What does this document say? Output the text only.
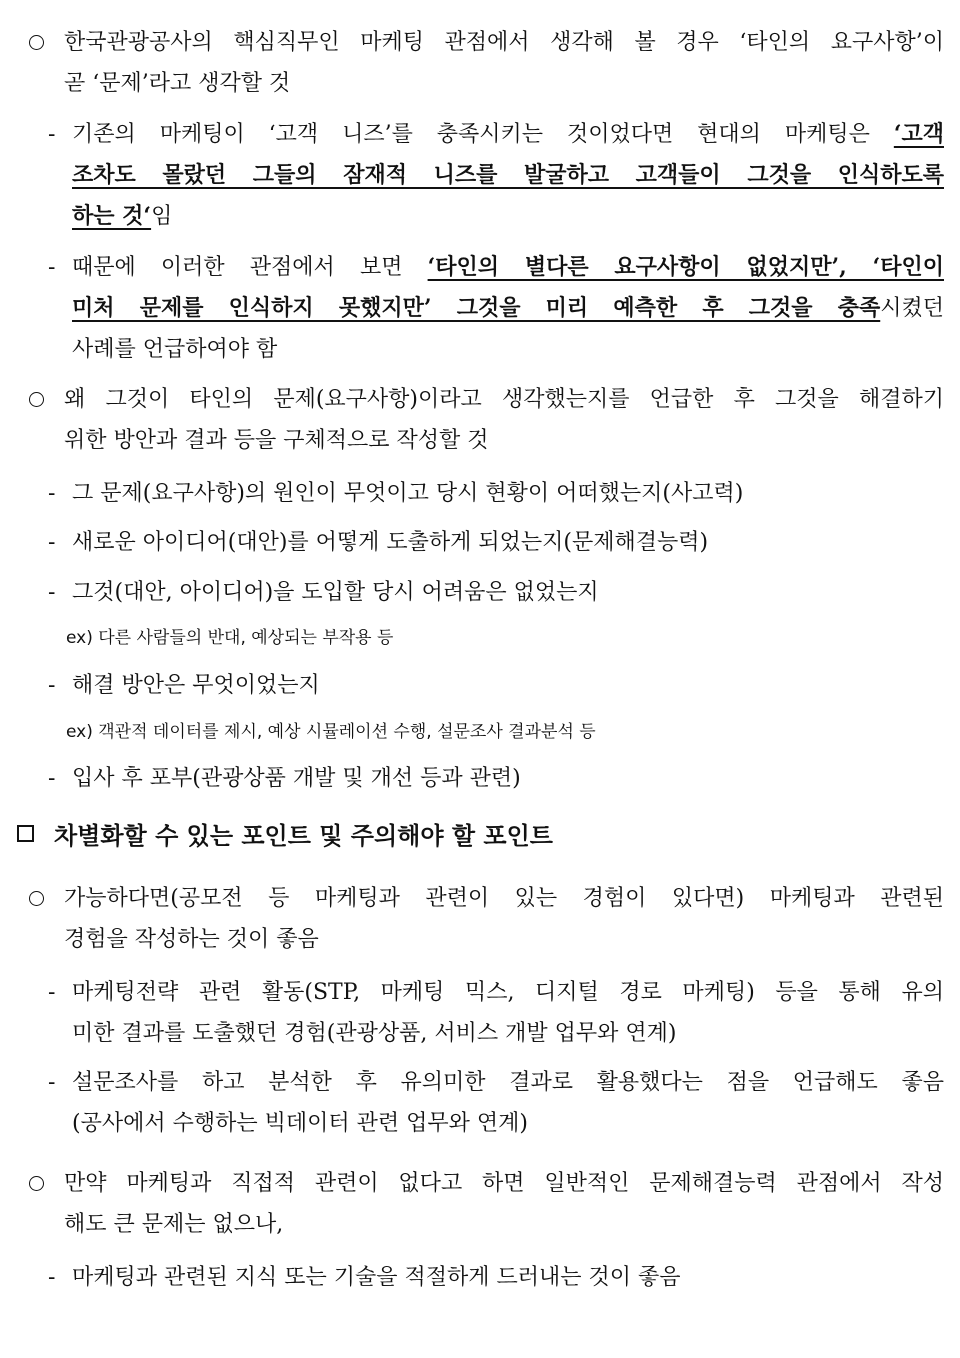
한국관광공사의 핵심직무인 마케팅 관점에서 생각해 볼 경우 ‘타인의 요구사항’이
곧 ‘문제’라고 생각할 것
- 기존의 마케팅이 ‘고객 니즈’를 충족시키는 것이었다면 현대의 마케팅은 ‘고객
조차도 몰랐던 그들의 잠재적 니즈를 발굴하고 고객들이 그것을 인식하도록
하는 것‘임
- 때문에 이러한 관점에서 보면 ‘타인의 별다른 요구사항이 없었지만’, ‘타인이
미처 문제를 인식하지 못했지만’ 그것을 미리 예측한 후 그것을 충족시켰던
사례를 언급하여야 함
왜 그것이 타인의 문제(요구사항)이라고 생각했는지를 언급한 후 그것을 해결하기
위한 방안과 결과 등을 구체적으로 작성할 것
- 그 문제(요구사항)의 원인이 무엇이고 당시 현황이 어떠했는지(사고력)
- 새로운 아이디어(대안)를 어떻게 도출하게 되었는지(문제해결능력)
- 그것(대안, 아이디어)을 도입할 당시 어려움은 없었는지
ex) 다른 사람들의 반대, 예상되는 부작용 등
- 해결 방안은 무엇이었는지
ex) 객관적 데이터를 제시, 예상 시뮬레이션 수행, 설문조사 결과분석 등
- 입사 후 포부(관광상품 개발 및 개선 등과 관련)
차별화할 수 있는 포인트 및 주의해야 할 포인트
가능하다면(공모전 등 마케팅과 관련이 있는 경험이 있다면) 마케팅과 관련된
경험을 작성하는 것이 좋음
- 마케팅전략 관련 활동(STP, 마케팅 믹스, 디지털 경로 마케팅) 등을 통해 유의
미한 결과를 도출했던 경험(관광상품, 서비스 개발 업무와 연계)
- 설문조사를 하고 분석한 후 유의미한 결과로 활용했다는 점을 언급해도 좋음
(공사에서 수행하는 빅데이터 관련 업무와 연계)
만약 마케팅과 직접적 관련이 없다고 하면 일반적인 문제해결능력 관점에서 작성
해도 큰 문제는 없으나,
- 마케팅과 관련된 지식 또는 기술을 적절하게 드러내는 것이 좋음
